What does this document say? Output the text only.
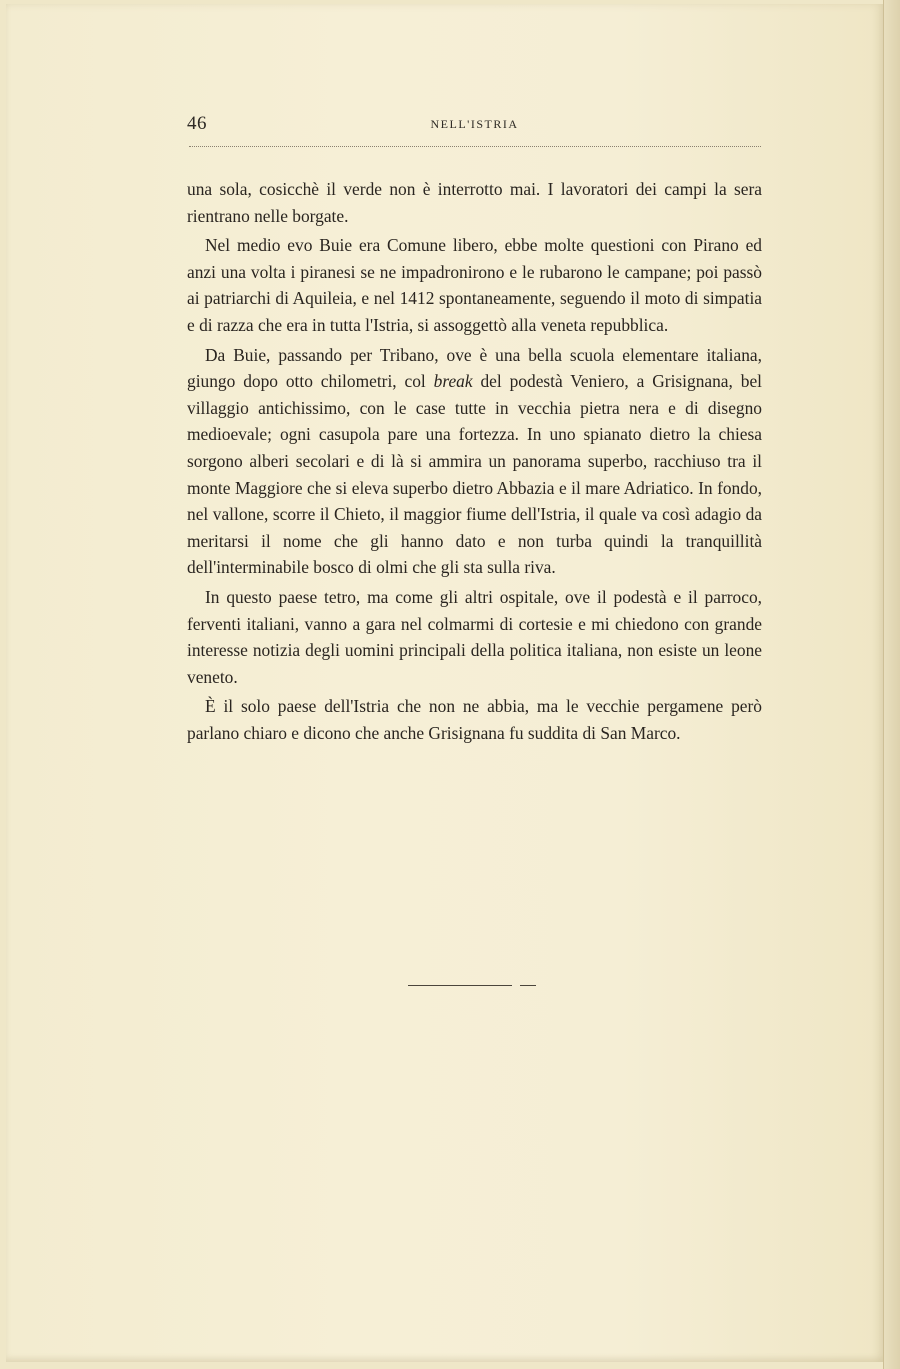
46	NELL'ISTRIA

una sola, cosicchè il verde non è interrotto mai. I lavoratori dei campi la sera rientrano nelle borgate.

Nel medio evo Buie era Comune libero, ebbe molte questioni con Pirano ed anzi una volta i piranesi se ne impadronirono e le rubarono le campane; poi passò ai patriarchi di Aquileia, e nel 1412 spontaneamente, seguendo il moto di simpatia e di razza che era in tutta l'Istria, si assoggettò alla veneta repubblica.

Da Buie, passando per Tribano, ove è una bella scuola elementare italiana, giungo dopo otto chilometri, col break del podestà Veniero, a Grisignana, bel villaggio antichissimo, con le case tutte in vecchia pietra nera e di disegno medioevale; ogni casupola pare una fortezza. In uno spianato dietro la chiesa sorgono alberi secolari e di là si ammira un panorama superbo, racchiuso tra il monte Maggiore che si eleva superbo dietro Abbazia e il mare Adriatico. In fondo, nel vallone, scorre il Chieto, il maggior fiume dell'Istria, il quale va così adagio da meritarsi il nome che gli hanno dato e non turba quindi la tranquillità dell'interminabile bosco di olmi che gli sta sulla riva.

In questo paese tetro, ma come gli altri ospitale, ove il podestà e il parroco, ferventi italiani, vanno a gara nel colmarmi di cortesie e mi chiedono con grande interesse notizia degli uomini principali della politica italiana, non esiste un leone veneto.

È il solo paese dell'Istria che non ne abbia, ma le vecchie pergamene però parlano chiaro e dicono che anche Grisignana fu suddita di San Marco.
